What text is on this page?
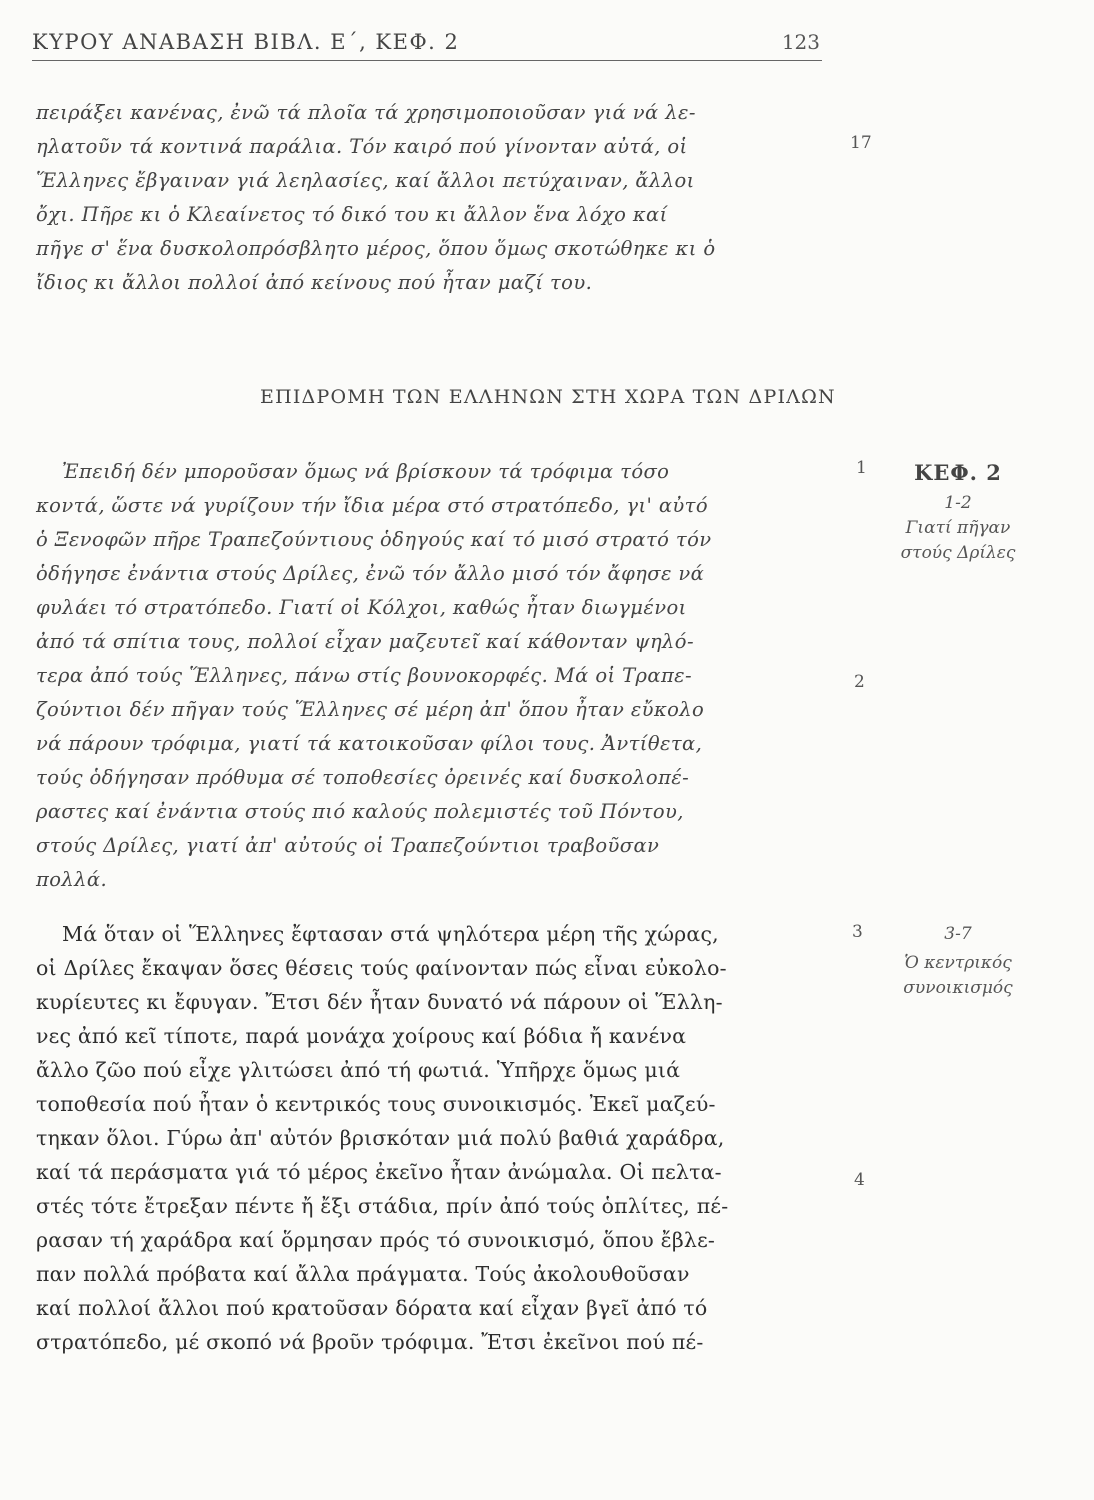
ΚΥΡΟΥ ΑΝΑΒΑΣΗ ΒΙΒΛ. Ε΄, ΚΕΦ. 2	123
πειράξει κανένας, ἐνῶ τά πλοῖα τά χρησιμοποιοῦσαν γιά νά λε-
ηλατοῦν τά κοντινά παράλια. Τόν καιρό πού γίνονταν αὐτά, οἱ
Ἕλληνες ἔβγαιναν γιά λεηλασίες, καί ἄλλοι πετύχαιναν, ἄλλοι
ὄχι. Πῆρε κι ὁ Κλεαίνετος τό δικό του κι ἄλλον ἕνα λόχο καί
πῆγε σ' ἕνα δυσκολοπρόσβλητο μέρος, ὅπου ὅμως σκοτώθηκε κι ὁ
ἴδιος κι ἄλλοι πολλοί ἀπό κείνους πού ἦταν μαζί του.
17
ΕΠΙΔΡΟΜΗ ΤΩΝ ΕΛΛΗΝΩΝ ΣΤΗ ΧΩΡΑ ΤΩΝ ΔΡΙΛΩΝ
Ἐπειδή δέν μποροῦσαν ὅμως νά βρίσκουν τά τρόφιμα τόσο
κοντά, ὥστε νά γυρίζουν τήν ἴδια μέρα στό στρατόπεδο, γι' αὐτό
ὁ Ξενοφῶν πῆρε Τραπεζούντιους ὁδηγούς καί τό μισό στρατό τόν
ὁδήγησε ἐνάντια στούς Δρίλες, ἐνῶ τόν ἄλλο μισό τόν ἄφησε νά
φυλάει τό στρατόπεδο. Γιατί οἱ Κόλχοι, καθώς ἦταν διωγμένοι
ἀπό τά σπίτια τους, πολλοί εἶχαν μαζευτεῖ καί κάθονταν ψηλό-
τερα ἀπό τούς Ἕλληνες, πάνω στίς βουνοκορφές. Μά οἱ Τραπε-
ζούντιοι δέν πῆγαν τούς Ἕλληνες σέ μέρη ἀπ' ὅπου ἦταν εὔκολο
νά πάρουν τρόφιμα, γιατί τά κατοικοῦσαν φίλοι τους. Ἀντίθετα,
τούς ὁδήγησαν πρόθυμα σέ τοποθεσίες ὀρεινές καί δυσκολοπέ-
ραστες καί ἐνάντια στούς πιό καλούς πολεμιστές τοῦ Πόντου,
στούς Δρίλες, γιατί ἀπ' αὐτούς οἱ Τραπεζούντιοι τραβοῦσαν
πολλά.
1
2
Μά ὅταν οἱ Ἕλληνες ἔφτασαν στά ψηλότερα μέρη τῆς χώρας,
οἱ Δρίλες ἔκαψαν ὅσες θέσεις τούς φαίνονταν πώς εἶναι εὐκολο-
κυρίευτες κι ἔφυγαν. Ἔτσι δέν ἦταν δυνατό νά πάρουν οἱ Ἕλλη-
νες ἀπό κεῖ τίποτε, παρά μονάχα χοίρους καί βόδια ἤ κανένα
ἄλλο ζῶο πού εἶχε γλιτώσει ἀπό τή φωτιά. Ὑπῆρχε ὅμως μιά
τοποθεσία πού ἦταν ὁ κεντρικός τους συνοικισμός. Ἐκεῖ μαζεύ-
τηκαν ὅλοι. Γύρω ἀπ' αὐτόν βρισκόταν μιά πολύ βαθιά χαράδρα,
καί τά περάσματα γιά τό μέρος ἐκεῖνο ἦταν ἀνώμαλα. Οἱ πελτα-
στές τότε ἔτρεξαν πέντε ἤ ἔξι στάδια, πρίν ἀπό τούς ὁπλίτες, πέ-
ρασαν τή χαράδρα καί ὅρμησαν πρός τό συνοικισμό, ὅπου ἔβλε-
παν πολλά πρόβατα καί ἄλλα πράγματα. Τούς ἀκολουθοῦσαν
καί πολλοί ἄλλοι πού κρατοῦσαν δόρατα καί εἶχαν βγεῖ ἀπό τό
στρατόπεδο, μέ σκοπό νά βροῦν τρόφιμα. Ἔτσι ἐκεῖνοι πού πέ-
3
4
ΚΕΦ. 2
1-2
Γιατί πῆγαν
στούς Δρίλες
3-7
Ὁ κεντρικός
συνοικισμός
